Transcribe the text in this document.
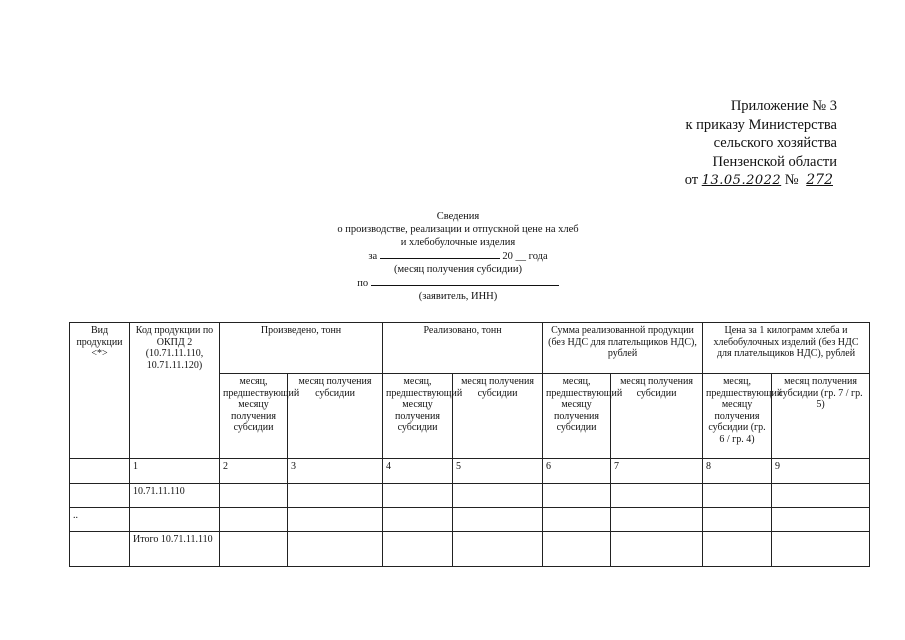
Приложение № 3
к приказу Министерства
сельского хозяйства
Пензенской области
от 13.05.2022 № 272
Сведения
о производстве, реализации и отпускной цене на хлеб
и хлебобулочные изделия
за	20 __ года
(месяц получения субсидии)
по
(заявитель, ИНН)
Вид продукции <*>	Код продукции по ОКПД 2 (10.71.11.110, 10.71.11.120)	Произведено, тонн		Реализовано, тонн		Сумма реализованной продукции (без НДС для плательщиков НДС), рублей		Цена за 1 килограмм хлеба и хлебобулочных изделий (без НДС для плательщиков НДС), рублей	
		месяц, предшествующий месяцу получения субсидии	месяц получения субсидии	месяц, предшествующий месяцу получения субсидии	месяц получения субсидии	месяц, предшествующий месяцу получения субсидии	месяц получения субсидии	месяц, предшествующий месяцу получения субсидии (гр. 6 / гр. 4)	месяц получения субсидии (гр. 7 / гр. 5)
	1	2	3	4	5	6	7	8	9
	10.71.11.110								
..									
	Итого 10.71.11.110								
